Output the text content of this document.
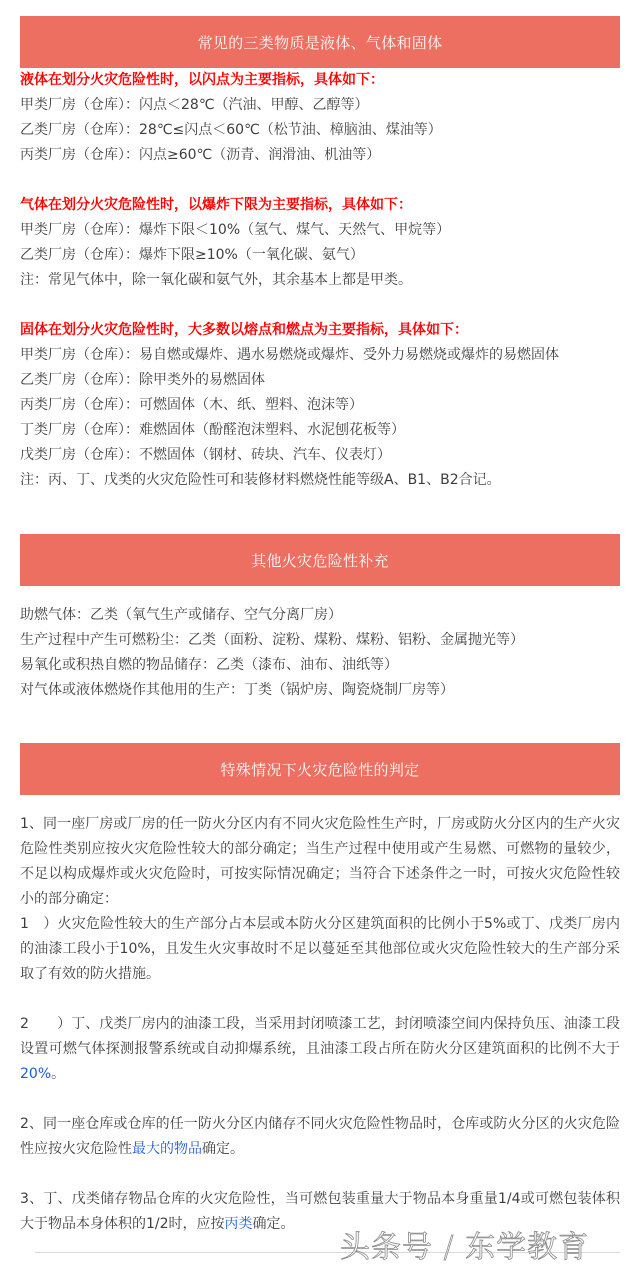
常见的三类物质是液体、气体和固体
液体在划分火灾危险性时，以闪点为主要指标，具体如下：
甲类厂房（仓库）：闪点＜28℃（汽油、甲醇、乙醇等）
乙类厂房（仓库）：28℃≤闪点＜60℃（松节油、樟脑油、煤油等）
丙类厂房（仓库）：闪点≥60℃（沥青、润滑油、机油等）
气体在划分火灾危险性时，以爆炸下限为主要指标，具体如下：
甲类厂房（仓库）：爆炸下限＜10%（氢气、煤气、天然气、甲烷等）
乙类厂房（仓库）：爆炸下限≥10%（一氧化碳、氨气）
注：常见气体中，除一氧化碳和氨气外，其余基本上都是甲类。
固体在划分火灾危险性时，大多数以熔点和燃点为主要指标，具体如下：
甲类厂房（仓库）：易自燃或爆炸、遇水易燃烧或爆炸、受外力易燃烧或爆炸的易燃固体
乙类厂房（仓库）：除甲类外的易燃固体
丙类厂房（仓库）：可燃固体（木、纸、塑料、泡沫等）
丁类厂房（仓库）：难燃固体（酚醛泡沫塑料、水泥刨花板等）
戊类厂房（仓库）：不燃固体（钢材、砖块、汽车、仪表灯）
注：丙、丁、戊类的火灾危险性可和装修材料燃烧性能等级A、B1、B2合记。
其他火灾危险性补充
助燃气体：乙类（氧气生产或储存、空气分离厂房）
生产过程中产生可燃粉尘：乙类（面粉、淀粉、煤粉、煤粉、铝粉、金属抛光等）
易氧化或积热自燃的物品储存：乙类（漆布、油布、油纸等）
对气体或液体燃烧作其他用的生产：丁类（锅炉房、陶瓷烧制厂房等）
特殊情况下火灾危险性的判定
1、同一座厂房或厂房的任一防火分区内有不同火灾危险性生产时，厂房或防火分区内的生产火灾危险性类别应按火灾危险性较大的部分确定；当生产过程中使用或产生易燃、可燃物的量较少，不足以构成爆炸或火灾危险时，可按实际情况确定；当符合下述条件之一时，可按火灾危险性较小的部分确定：
1　）火灾危险性较大的生产部分占本层或本防火分区建筑面积的比例小于5%或丁、戊类厂房内的油漆工段小于10%，且发生火灾事故时不足以蔓延至其他部位或火灾危险性较大的生产部分采取了有效的防火措施。
2　　）丁、戊类厂房内的油漆工段，当采用封闭喷漆工艺，封闭喷漆空间内保持负压、油漆工段设置可燃气体探测报警系统或自动抑爆系统，且油漆工段占所在防火分区建筑面积的比例不大于20%。
2、同一座仓库或仓库的任一防火分区内储存不同火灾危险性物品时，仓库或防火分区的火灾危险性应按火灾危险性最大的物品确定。
3、丁、戊类储存物品仓库的火灾危险性，当可燃包装重量大于物品本身重量1/4或可燃包装体积大于物品本身体积的1/2时，应按丙类确定。
头条号 / 东学教育
